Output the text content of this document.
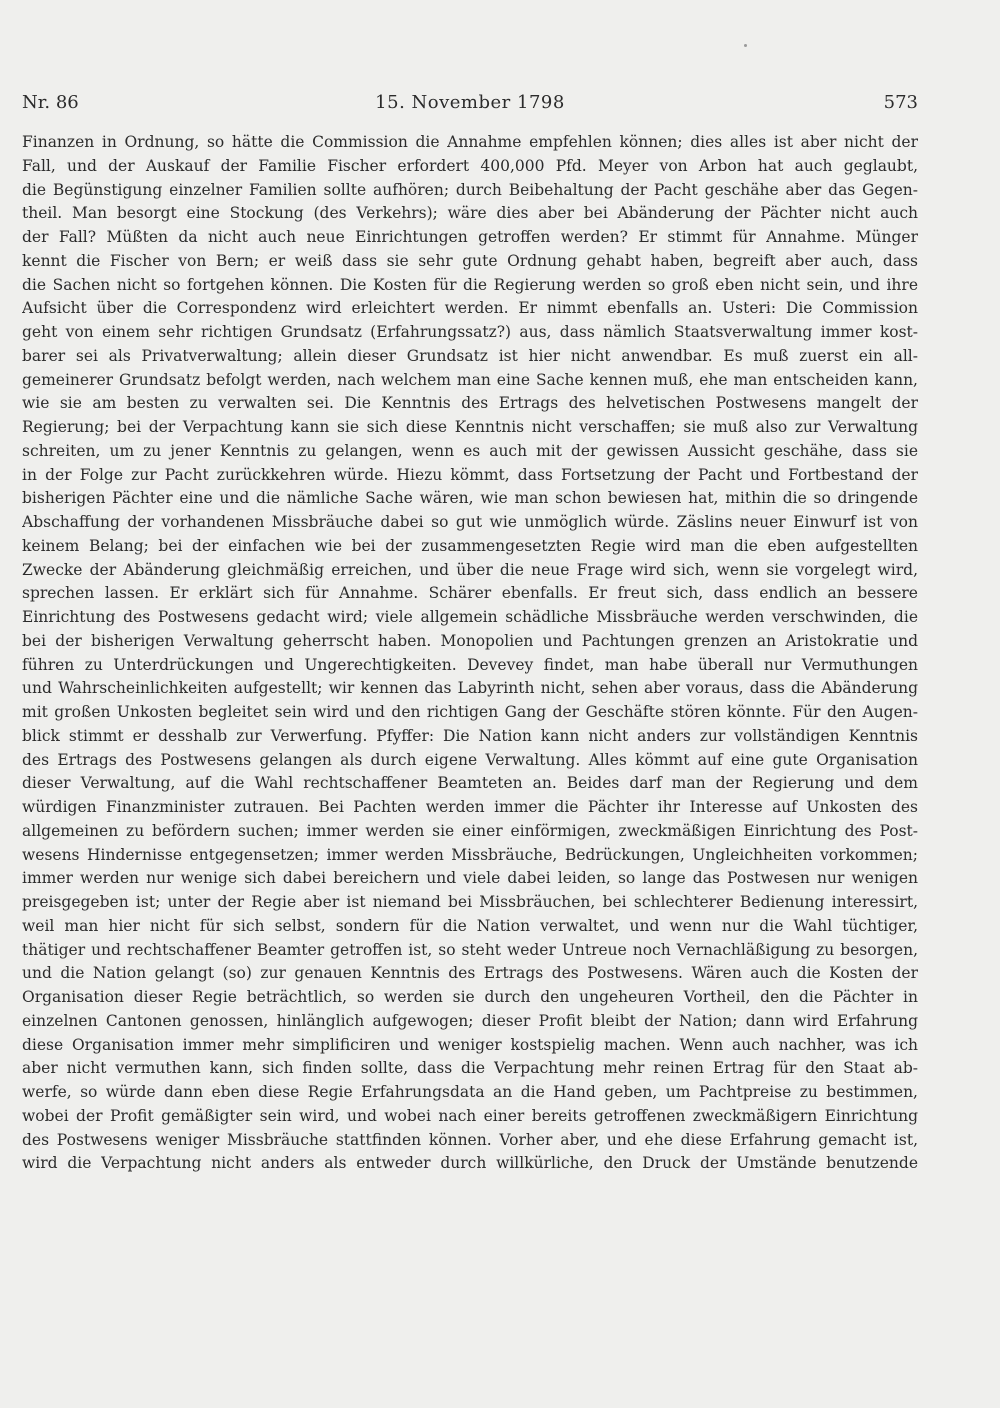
Nr. 86	15. November 1798	573
Finanzen in Ordnung, so hätte die Commission die Annahme empfehlen können; dies alles ist aber nicht der
Fall, und der Auskauf der Familie Fischer erfordert 400,000 Pfd. Meyer von Arbon hat auch geglaubt,
die Begünstigung einzelner Familien sollte aufhören; durch Beibehaltung der Pacht geschähe aber das Gegen-
theil. Man besorgt eine Stockung (des Verkehrs); wäre dies aber bei Abänderung der Pächter nicht auch
der Fall? Müßten da nicht auch neue Einrichtungen getroffen werden? Er stimmt für Annahme. Münger
kennt die Fischer von Bern; er weiß dass sie sehr gute Ordnung gehabt haben, begreift aber auch, dass
die Sachen nicht so fortgehen können. Die Kosten für die Regierung werden so groß eben nicht sein, und ihre
Aufsicht über die Correspondenz wird erleichtert werden. Er nimmt ebenfalls an. Usteri: Die Commission
geht von einem sehr richtigen Grundsatz (Erfahrungssatz?) aus, dass nämlich Staatsverwaltung immer kost-
barer sei als Privatverwaltung; allein dieser Grundsatz ist hier nicht anwendbar. Es muß zuerst ein all-
gemeinerer Grundsatz befolgt werden, nach welchem man eine Sache kennen muß, ehe man entscheiden kann,
wie sie am besten zu verwalten sei. Die Kenntnis des Ertrags des helvetischen Postwesens mangelt der
Regierung; bei der Verpachtung kann sie sich diese Kenntnis nicht verschaffen; sie muß also zur Verwaltung
schreiten, um zu jener Kenntnis zu gelangen, wenn es auch mit der gewissen Aussicht geschähe, dass sie
in der Folge zur Pacht zurückkehren würde. Hiezu kömmt, dass Fortsetzung der Pacht und Fortbestand der
bisherigen Pächter eine und die nämliche Sache wären, wie man schon bewiesen hat, mithin die so dringende
Abschaffung der vorhandenen Missbräuche dabei so gut wie unmöglich würde. Zäslins neuer Einwurf ist von
keinem Belang; bei der einfachen wie bei der zusammengesetzten Regie wird man die eben aufgestellten
Zwecke der Abänderung gleichmäßig erreichen, und über die neue Frage wird sich, wenn sie vorgelegt wird,
sprechen lassen. Er erklärt sich für Annahme. Schärer ebenfalls. Er freut sich, dass endlich an bessere
Einrichtung des Postwesens gedacht wird; viele allgemein schädliche Missbräuche werden verschwinden, die
bei der bisherigen Verwaltung geherrscht haben. Monopolien und Pachtungen grenzen an Aristokratie und
führen zu Unterdrückungen und Ungerechtigkeiten. Devevey findet, man habe überall nur Vermuthungen
und Wahrscheinlichkeiten aufgestellt; wir kennen das Labyrinth nicht, sehen aber voraus, dass die Abänderung
mit großen Unkosten begleitet sein wird und den richtigen Gang der Geschäfte stören könnte. Für den Augen-
blick stimmt er desshalb zur Verwerfung. Pfyffer: Die Nation kann nicht anders zur vollständigen Kenntnis
des Ertrags des Postwesens gelangen als durch eigene Verwaltung. Alles kömmt auf eine gute Organisation
dieser Verwaltung, auf die Wahl rechtschaffener Beamteten an. Beides darf man der Regierung und dem
würdigen Finanzminister zutrauen. Bei Pachten werden immer die Pächter ihr Interesse auf Unkosten des
allgemeinen zu befördern suchen; immer werden sie einer einförmigen, zweckmäßigen Einrichtung des Post-
wesens Hindernisse entgegensetzen; immer werden Missbräuche, Bedrückungen, Ungleichheiten vorkommen;
immer werden nur wenige sich dabei bereichern und viele dabei leiden, so lange das Postwesen nur wenigen
preisgegeben ist; unter der Regie aber ist niemand bei Missbräuchen, bei schlechterer Bedienung interessirt,
weil man hier nicht für sich selbst, sondern für die Nation verwaltet, und wenn nur die Wahl tüchtiger,
thätiger und rechtschaffener Beamter getroffen ist, so steht weder Untreue noch Vernachläßigung zu besorgen,
und die Nation gelangt (so) zur genauen Kenntnis des Ertrags des Postwesens. Wären auch die Kosten der
Organisation dieser Regie beträchtlich, so werden sie durch den ungeheuren Vortheil, den die Pächter in
einzelnen Cantonen genossen, hinlänglich aufgewogen; dieser Profit bleibt der Nation; dann wird Erfahrung
diese Organisation immer mehr simplificiren und weniger kostspielig machen. Wenn auch nachher, was ich
aber nicht vermuthen kann, sich finden sollte, dass die Verpachtung mehr reinen Ertrag für den Staat ab-
werfe, so würde dann eben diese Regie Erfahrungsdata an die Hand geben, um Pachtpreise zu bestimmen,
wobei der Profit gemäßigter sein wird, und wobei nach einer bereits getroffenen zweckmäßigern Einrichtung
des Postwesens weniger Missbräuche stattfinden können. Vorher aber, und ehe diese Erfahrung gemacht ist,
wird die Verpachtung nicht anders als entweder durch willkürliche, den Druck der Umstände benutzende
